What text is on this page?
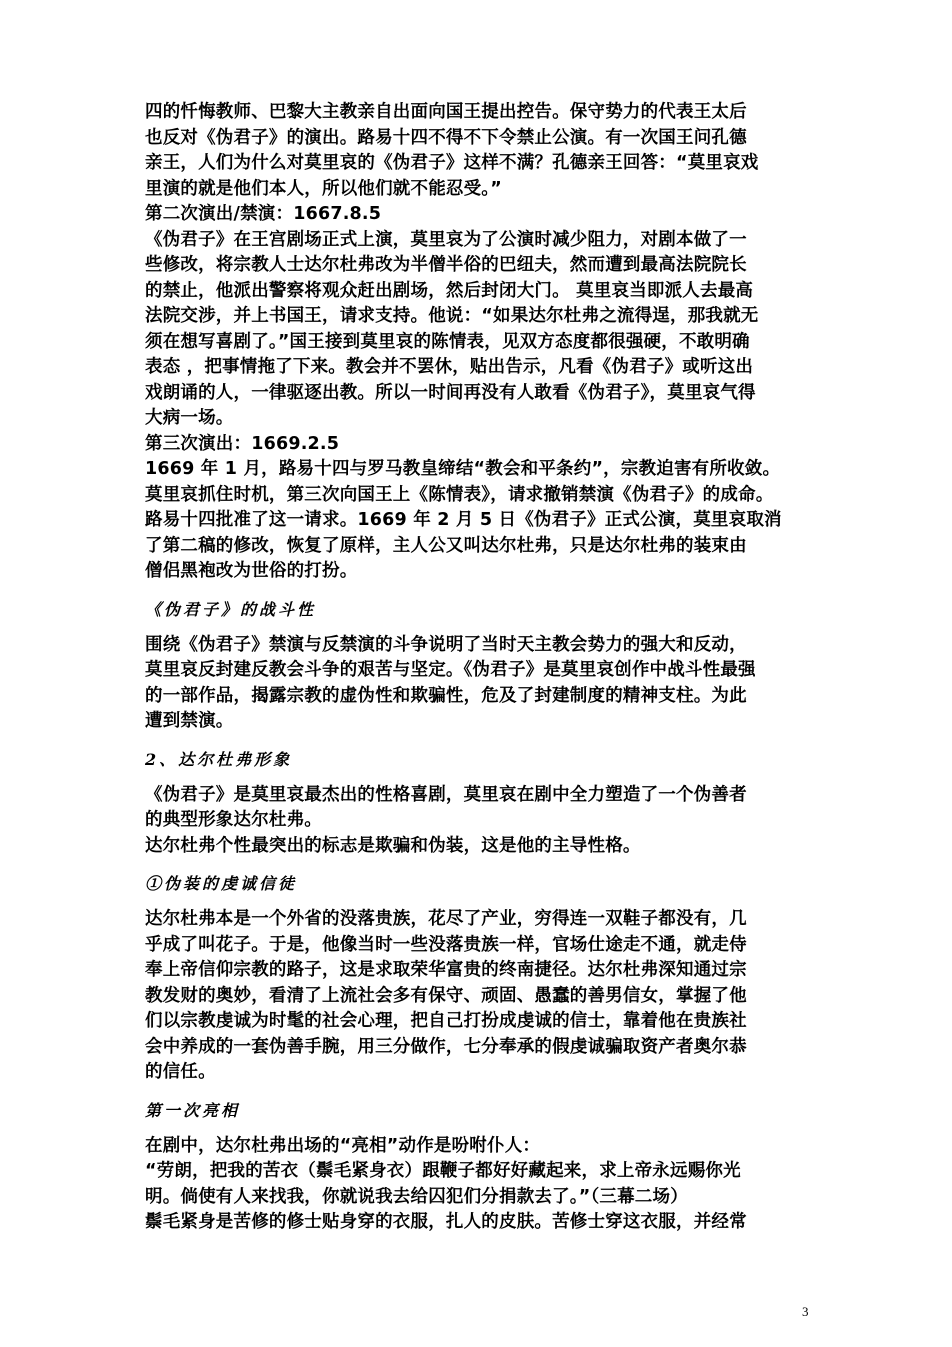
四的忏悔教师、巴黎大主教亲自出面向国王提出控告。保守势力的代表王太后

也反对《伪君子》的演出。路易十四不得不下令禁止公演。有一次国王问孔德

亲王，人们为什么对莫里哀的《伪君子》这样不满？孔德亲王回答：“莫里哀戏

里演的就是他们本人，所以他们就不能忍受。”

第二次演出/禁演：1667.8.5

《伪君子》在王宫剧场正式上演，莫里哀为了公演时减少阻力，对剧本做了一

些修改，将宗教人士达尔杜弗改为半僧半俗的巴纽夫，然而遭到最高法院院长

的禁止，他派出警察将观众赶出剧场，然后封闭大门。 莫里哀当即派人去最高

法院交涉，并上书国王，请求支持。他说：“如果达尔杜弗之流得逞，那我就无

须在想写喜剧了。”国王接到莫里哀的陈情表，见双方态度都很强硬，不敢明确

表态 ，把事情拖了下来。教会并不罢休，贴出告示，凡看《伪君子》或听这出

戏朗诵的人，一律驱逐出教。所以一时间再没有人敢看《伪君子》，莫里哀气得

大病一场。

第三次演出：1669.2.5

1669 年 1 月，路易十四与罗马教皇缔结“教会和平条约”，宗教迫害有所收敛。

莫里哀抓住时机，第三次向国王上《陈情表》，请求撤销禁演《伪君子》的成命。

路易十四批准了这一请求。1669 年 2 月 5 日《伪君子》正式公演，莫里哀取消

了第二稿的修改，恢复了原样，主人公又叫达尔杜弗，只是达尔杜弗的装束由

僧侣黑袍改为世俗的打扮。

《伪君子》的战斗性

围绕《伪君子》禁演与反禁演的斗争说明了当时天主教会势力的强大和反动，

莫里哀反封建反教会斗争的艰苦与坚定。《伪君子》是莫里哀创作中战斗性最强

的一部作品，揭露宗教的虚伪性和欺骗性，危及了封建制度的精神支柱。为此

遭到禁演。

2、达尔杜弗形象

《伪君子》是莫里哀最杰出的性格喜剧，莫里哀在剧中全力塑造了一个伪善者

的典型形象达尔杜弗。

达尔杜弗个性最突出的标志是欺骗和伪装，这是他的主导性格。

①伪装的虔诚信徒

达尔杜弗本是一个外省的没落贵族，花尽了产业，穷得连一双鞋子都没有，几

乎成了叫花子。于是，他像当时一些没落贵族一样，官场仕途走不通，就走侍

奉上帝信仰宗教的路子，这是求取荣华富贵的终南捷径。达尔杜弗深知通过宗

教发财的奥妙，看清了上流社会多有保守、顽固、愚蠢的善男信女，掌握了他

们以宗教虔诚为时髦的社会心理，把自己打扮成虔诚的信士，靠着他在贵族社

会中养成的一套伪善手腕，用三分做作，七分奉承的假虔诚骗取资产者奥尔恭

的信任。

第一次亮相

在剧中，达尔杜弗出场的“亮相”动作是吩咐仆人：

“劳朗，把我的苦衣（鬃毛紧身衣）跟鞭子都好好藏起来，求上帝永远赐你光

明。倘使有人来找我，你就说我去给囚犯们分捐款去了。”（三幕二场）

鬃毛紧身是苦修的修士贴身穿的衣服，扎人的皮肤。苦修士穿这衣服，并经常

3
